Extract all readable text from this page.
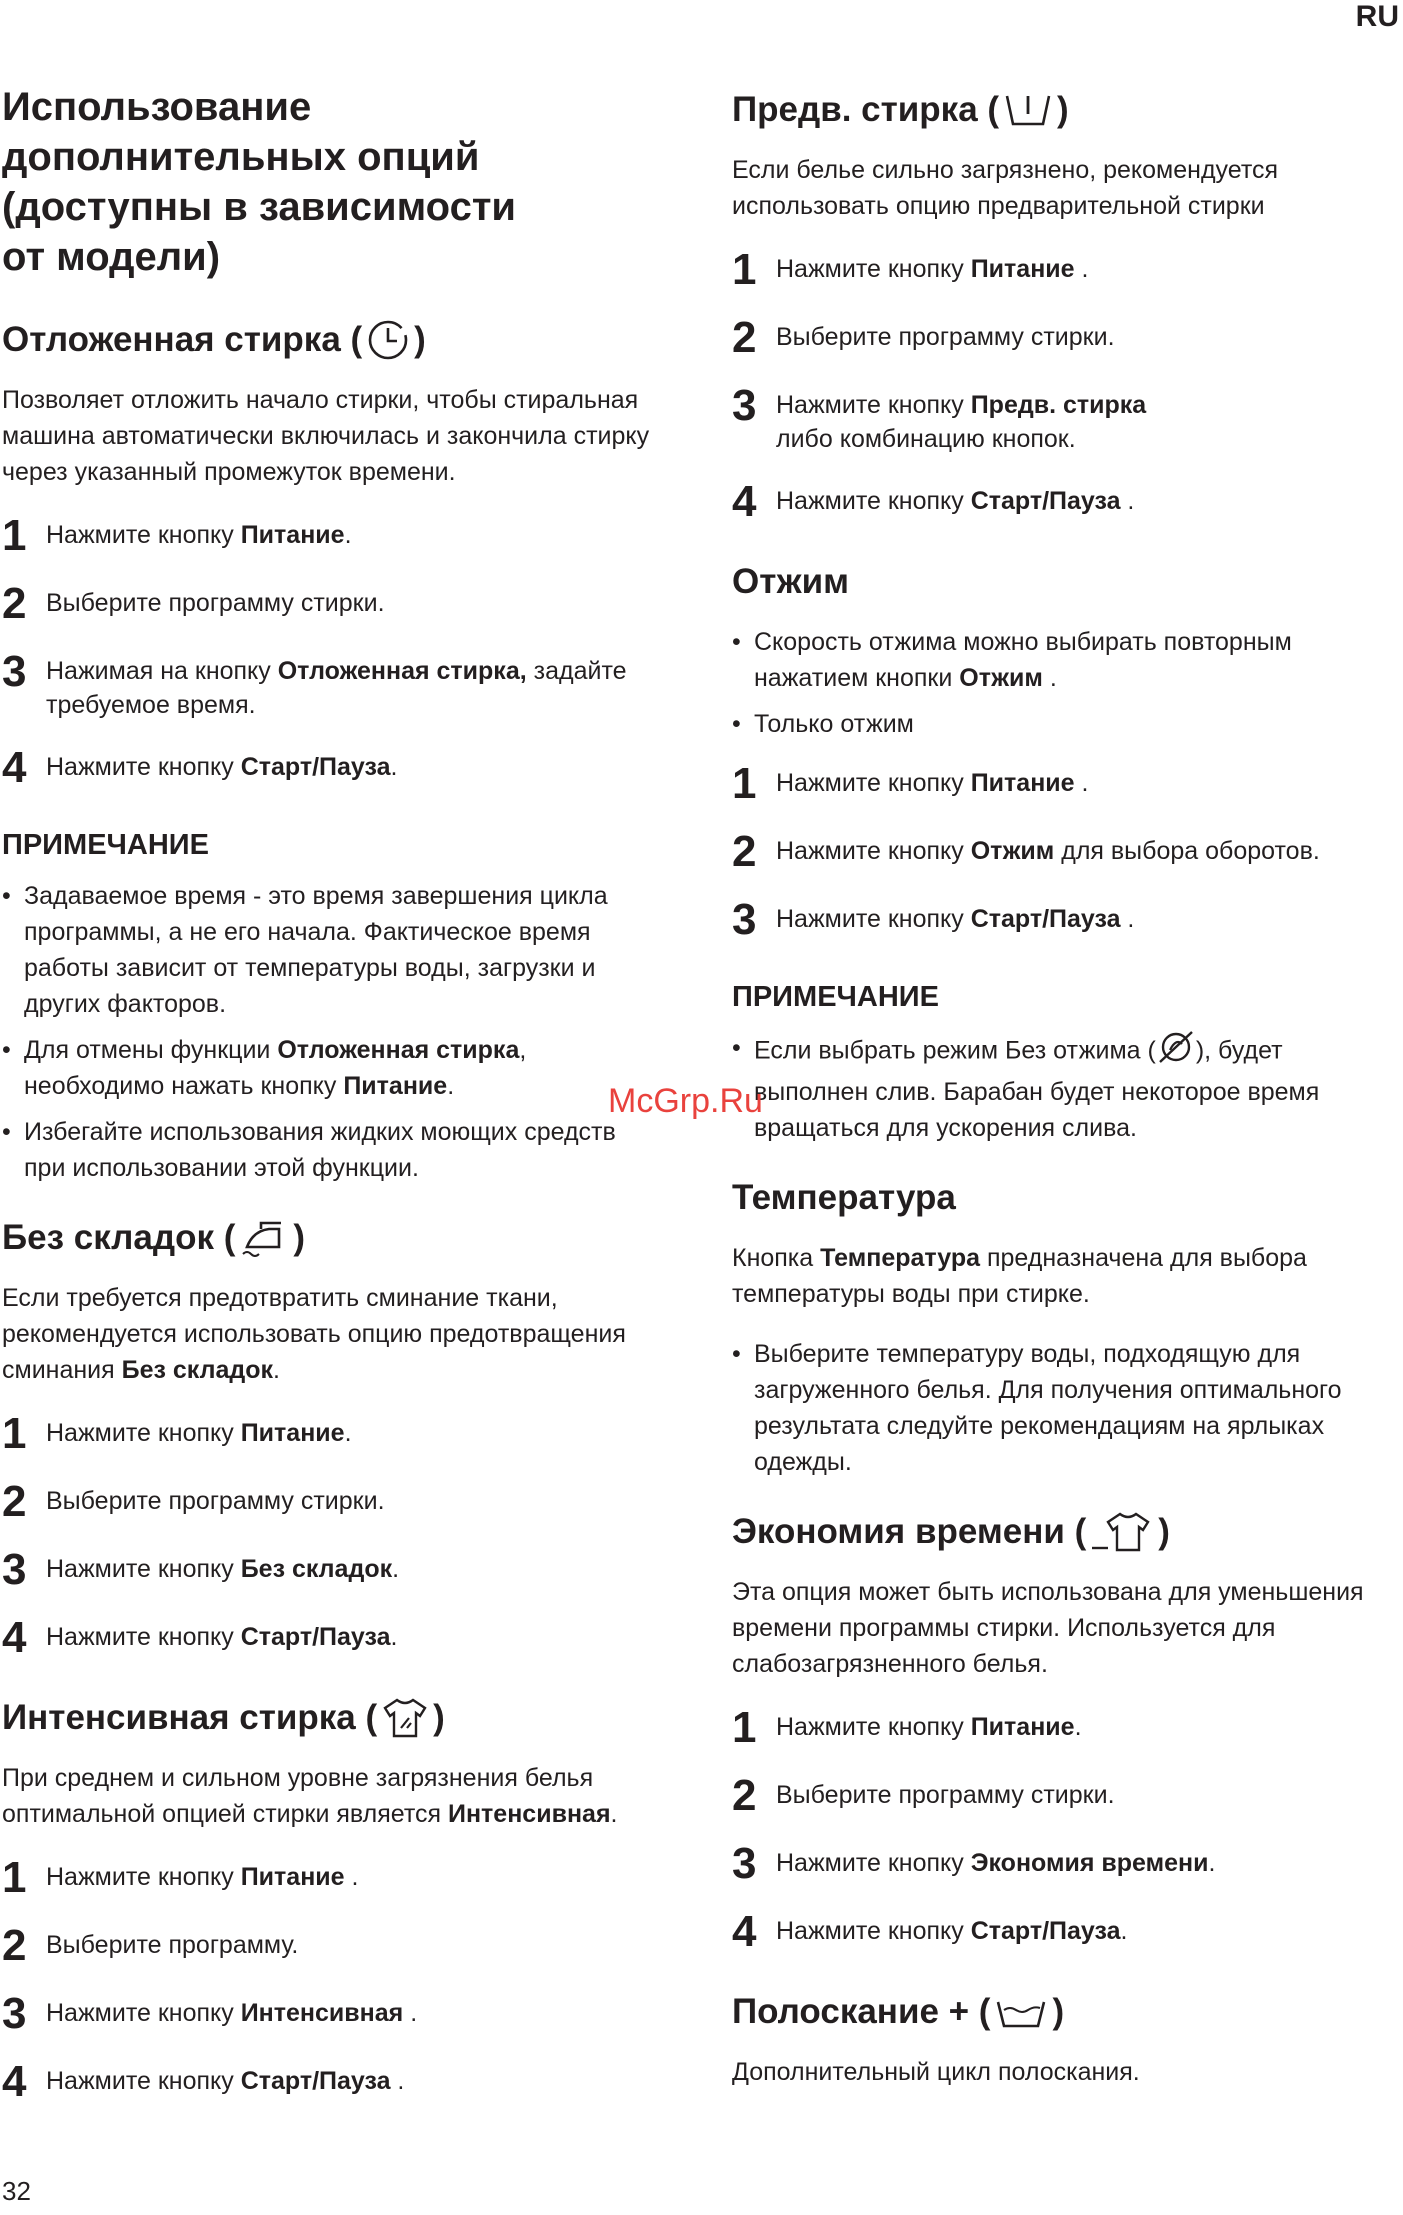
RU
McGrp.Ru
Использование дополнительных опций (доступны в зависимости от модели)
Отложенная стирка ( )

Позволяет отложить начало стирки, чтобы стиральная машина автоматически включилась и закончила стирку через указанный промежуток времени.

1 Нажмите кнопку Питание.
2 Выберите программу стирки.
3 Нажимая на кнопку Отложенная стирка, задайте требуемое время.
4 Нажмите кнопку Старт/Пауза.
ПРИМЕЧАНИЕ
• Задаваемое время - это время завершения цикла программы, а не его начала. Фактическое время работы зависит от температуры воды, загрузки и других факторов.
• Для отмены функции Отложенная стирка, необходимо нажать кнопку Питание.
• Избегайте использования жидких моющих средств при использовании этой функции.
Без складок ( )

Если требуется предотвратить сминание ткани, рекомендуется использовать опцию предотвращения сминания Без складок.

1 Нажмите кнопку Питание.
2 Выберите программу стирки.
3 Нажмите кнопку Без складок.
4 Нажмите кнопку Старт/Пауза.
Интенсивная стирка ( )

При среднем и сильном уровне загрязнения белья оптимальной опцией стирки является Интенсивная.

1 Нажмите кнопку Питание .
2 Выберите программу.
3 Нажмите кнопку Интенсивная .
4 Нажмите кнопку Старт/Пауза .
Предв. стирка ( )

Если белье сильно загрязнено, рекомендуется использовать опцию предварительной стирки

1 Нажмите кнопку Питание .
2 Выберите программу стирки.
3 Нажмите кнопку Предв. стирка
либо комбинацию кнопок.
4 Нажмите кнопку Старт/Пауза .
Отжим
• Скорость отжима можно выбирать повторным нажатием кнопки Отжим .
• Только отжим
1 Нажмите кнопку Питание .
2 Нажмите кнопку Отжим для выбора оборотов.
3 Нажмите кнопку Старт/Пауза .
ПРИМЕЧАНИЕ
• Если выбрать режим Без отжима ( ), будет выполнен слив. Барабан будет некоторое время вращаться для ускорения слива.
Температура

Кнопка Температура предназначена для выбора температуры воды при стирке.

• Выберите температуру воды, подходящую для загруженного белья. Для получения оптимального результата следуйте рекомендациям на ярлыках одежды.
Экономия времени ( )

Эта опция может быть использована для уменьшения времени программы стирки. Используется для слабозагрязненного белья.

1 Нажмите кнопку Питание.
2 Выберите программу стирки.
3 Нажмите кнопку Экономия времени.
4 Нажмите кнопку Старт/Пауза.
Полоскание + ( )

Дополнительный цикл полоскания.

32
